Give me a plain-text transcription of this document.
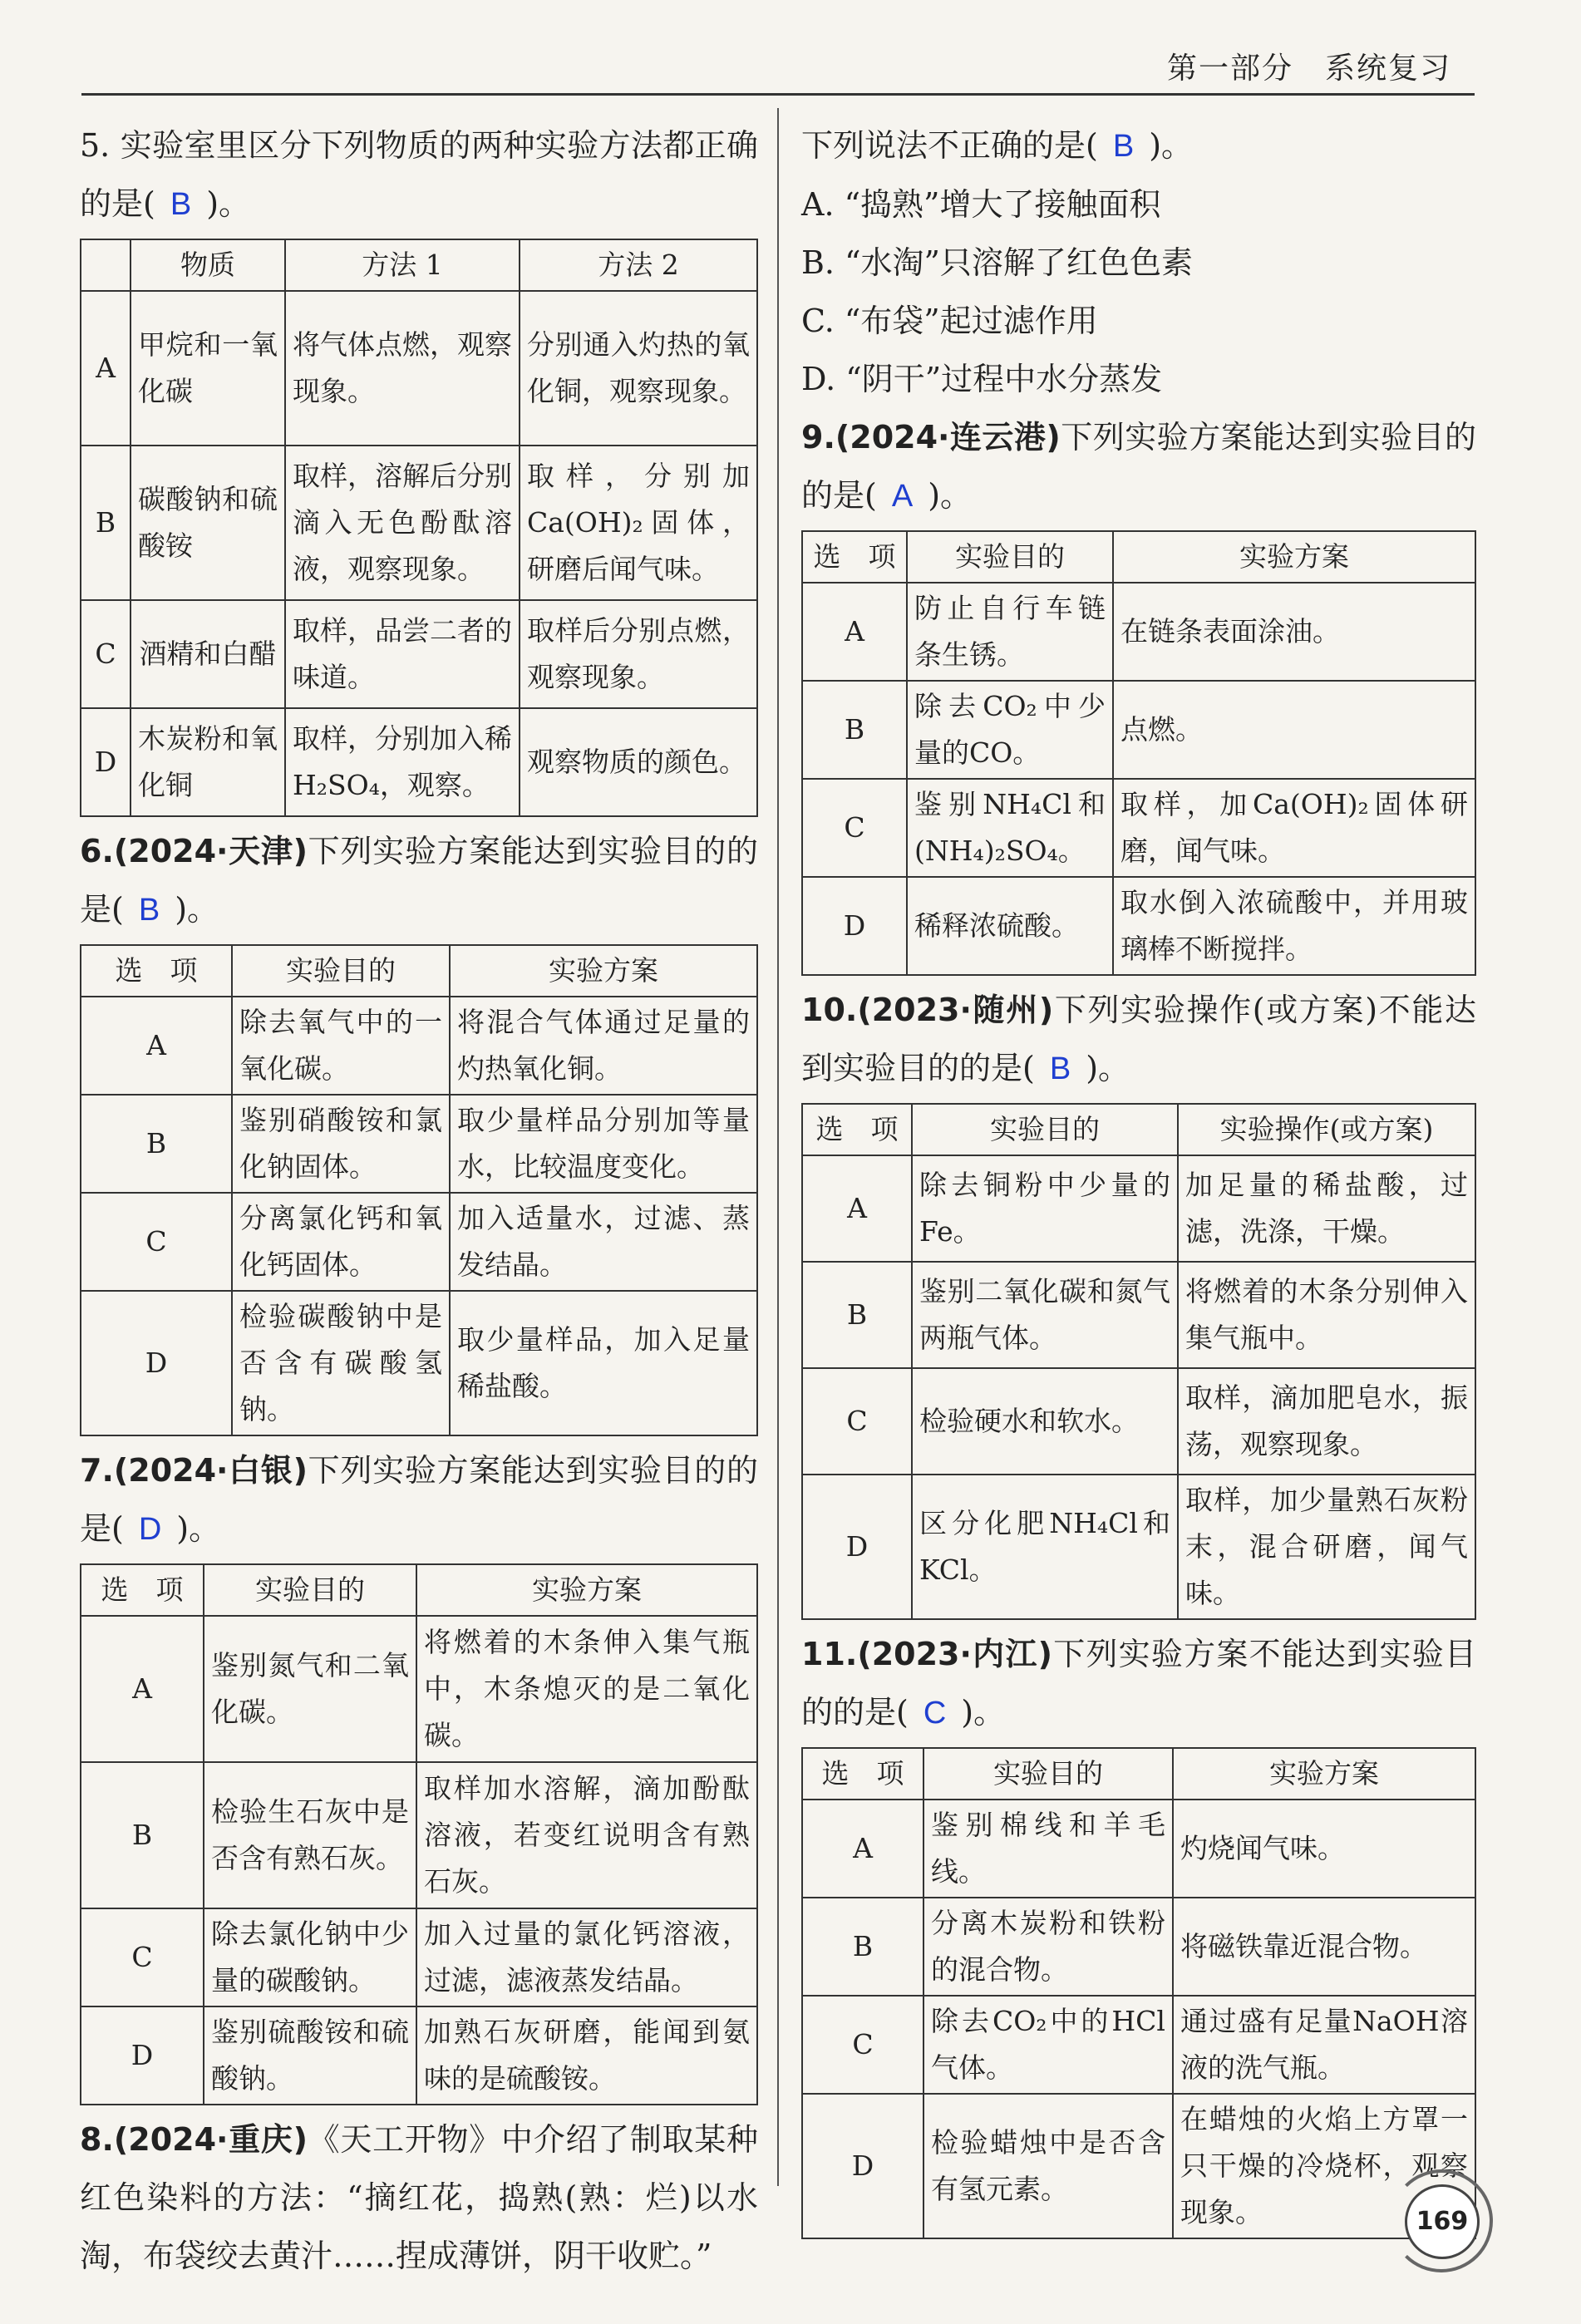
第一部分　系统复习
5. 实验室里区分下列物质的两种实验方法都正确的是( B )。
	物质	方法 1	方法 2
A	甲烷和一氧化碳	将气体点燃，观察现象。	分别通入灼热的氧化铜，观察现象。
B	碳酸钠和硫酸铵	取样，溶解后分别滴入无色酚酞溶液，观察现象。	取样，分别加Ca(OH)₂固体，研磨后闻气味。
C	酒精和白醋	取样，品尝二者的味道。	取样后分别点燃，观察现象。
D	木炭粉和氧化铜	取样，分别加入稀H₂SO₄，观察。	观察物质的颜色。
6.(2024·天津)下列实验方案能达到实验目的的是( B )。
选　项	实验目的	实验方案
A	除去氧气中的一氧化碳。	将混合气体通过足量的灼热氧化铜。
B	鉴别硝酸铵和氯化钠固体。	取少量样品分别加等量水，比较温度变化。
C	分离氯化钙和氧化钙固体。	加入适量水，过滤、蒸发结晶。
D	检验碳酸钠中是否含有碳酸氢钠。	取少量样品，加入足量稀盐酸。
7.(2024·白银)下列实验方案能达到实验目的的是( D )。
选　项	实验目的	实验方案
A	鉴别氮气和二氧化碳。	将燃着的木条伸入集气瓶中，木条熄灭的是二氧化碳。
B	检验生石灰中是否含有熟石灰。	取样加水溶解，滴加酚酞溶液，若变红说明含有熟石灰。
C	除去氯化钠中少量的碳酸钠。	加入过量的氯化钙溶液，过滤，滤液蒸发结晶。
D	鉴别硫酸铵和硫酸钠。	加熟石灰研磨，能闻到氨味的是硫酸铵。
8.(2024·重庆)《天工开物》中介绍了制取某种红色染料的方法：“摘红花，捣熟(熟：烂)以水淘，布袋绞去黄汁……捏成薄饼，阴干收贮。”
下列说法不正确的是( B )。
A. “捣熟”增大了接触面积
B. “水淘”只溶解了红色色素
C. “布袋”起过滤作用
D. “阴干”过程中水分蒸发
9.(2024·连云港)下列实验方案能达到实验目的的是( A )。
选　项	实验目的	实验方案
A	防止自行车链条生锈。	在链条表面涂油。
B	除去CO₂中少量的CO。	点燃。
C	鉴别NH₄Cl和(NH₄)₂SO₄。	取样，加Ca(OH)₂固体研磨，闻气味。
D	稀释浓硫酸。	取水倒入浓硫酸中，并用玻璃棒不断搅拌。
10.(2023·随州)下列实验操作(或方案)不能达到实验目的的是( B )。
选　项	实验目的	实验操作(或方案)
A	除去铜粉中少量的Fe。	加足量的稀盐酸，过滤，洗涤，干燥。
B	鉴别二氧化碳和氮气两瓶气体。	将燃着的木条分别伸入集气瓶中。
C	检验硬水和软水。	取样，滴加肥皂水，振荡，观察现象。
D	区分化肥NH₄Cl和KCl。	取样，加少量熟石灰粉末，混合研磨，闻气味。
11.(2023·内江)下列实验方案不能达到实验目的的是( C )。
选　项	实验目的	实验方案
A	鉴别棉线和羊毛线。	灼烧闻气味。
B	分离木炭粉和铁粉的混合物。	将磁铁靠近混合物。
C	除去CO₂中的HCl气体。	通过盛有足量NaOH溶液的洗气瓶。
D	检验蜡烛中是否含有氢元素。	在蜡烛的火焰上方罩一只干燥的冷烧杯，观察现象。	169
